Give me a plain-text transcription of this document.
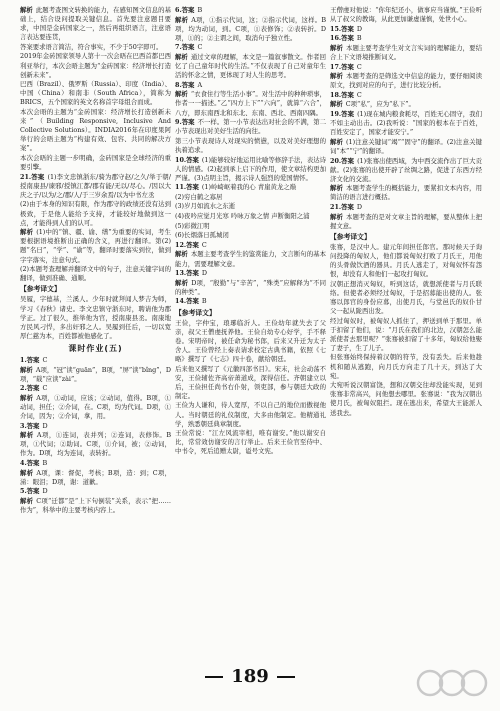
解析 此题考查图文转换的能力，在感知图文信息的基础上，结合设问提取关键信息。首先要注意题目要求，中国是金砖国家之一，然后再组织语言，注意语言表达要连贯，
答案要求语言简洁，符合事实，不少于50字即可。
2019年金砖国家领导人第十一次会晤在巴西首都巴西利亚举行，本次会晤主题为“金砖国家：经济增长打造创新未来”。
巴西（Brazil）、俄罗斯（Russia）、印度（India）、中国（China）和南非（South Africa），简称为BRICS，五个国家的英文名称首字母组合而成。
本次会晤的主题为“金砖国家：经济增长打造创新未来”（Building Responsive, Inclusive And Collective Solutions）。INDIA2016年在印度果阿举行的会晤主题为“构建有效、包容、共同的解决方案”。
本次会晤的主题一步明确，金砖国家是全球经济的重要引擎。
21.答案 (1)李文忠镇浙东/骑为郡守赵/之久/举于朝/授南康县/谏邪/授镇江都/郡有能/无以/尽心。/因以大庆之子/以为/之/郡/人/于三岁余焉/以为中书左丞
(2)由于本身的知识有限，作为郡守的政绩还没有达到极致，于是他人能给予支持，才能较好地做到这一点，才能得到人们的认可。
解析 (1)中的“镇、疆、谕、缮”为重要的实词，考生要根据语境推断出正确的含义，再进行翻译。第(2)题“名曰”，“学”、“谕”等，翻译时要落实到位，做到字字落实，注意句式。
(2)本题考查理解并翻译文中的句子，注意关键字词的翻译，做到准确、通顺。
【参考译文】
吴履，字德基，兰溪人。少年时就拜闻人梦吉为师，学习《春秋》诸史。李文忠镇守浙东时，聘请他为郡学正。过了很久，推举他为官，授南康县丞。南康地方民风刁悍，多出奸邪之人。吴履到任后，一切以宽厚仁慈为本，百姓都被他感化了。
课时作业(五)
1.答案 C
解析 A项，“冠”读“guān”，B项，“屏”读“bǐng”，D项，“载”应读“zài”。
2.答案 C
解析 A项，①动词，应该；②动词，值得。B项，①动词，担任；②介词，在。C项，均为代词。D项，①介词，因为；②介词，拿，用。
3.答案 D
解析 A项，①连词，表并列；②连词，表修饰。B项，①代词；②助词。C项，①介词，被；②动词，作为。D项，均为连词，表转折。
4.答案 B
解析 A项，课：督促，考核；B项，造：到；C项，涕：眼泪；D项，谢：道歉。
5.答案 D
解析 C项“迁都”是“上下句倒装”关系，表示“把……作为”，科举中的主要考核内容上。
6.答案 B
解析 A项，①指示代词，这；②指示代词，这样。B项，均为动词，到。C项，①表修饰；②表转折。D项，①的；②主谓之间，取消句子独立性。
7.答案 C
解析 通过文章的理解，本文是一篇叙事散文。作者回忆了自己童年时代的生活。”不仅表现了自己对童年生活的怀念之情，更体现了对人生的思考。
8.答案 A
解析 “衣食住行等生活小事”。对生活中的种种琐事，作者一一描述。”乙“四方上下”“六向”，就算“六合”，八方，即东南西北和东北、东南、西北、西南四隅。
9.答案 不一样。第一小节表达出对社会的不满，第二小节表现出对美好生活的向往。
第三小节表现诗人对现实的愤懑，以及对美好理想的执着追求。
10.答案 (1)能够较好地运用比喻等修辞手法，表达诗人的情感。(2)起到承上启下的作用，使文章结构更加严谨。(3)点明主旨，揭示诗人强烈的爱国情怀。
11.答案 (1)岭崎岖着我的心 青崖黄龙之巅
(2)穷白鹤之寡居
(3)岁月如流水之东逝
(4)夜吟应觉月光寒 吟咏万象之情 声断衡阳之浦
(5)彩微江明
(6)长烟落日孤城闭
12.答案 C
解析 本题主要考查学生的鉴赏能力，文言断句的基本能力，需要理解文意。
13.答案 D
解析 D项，“殷勤”与“辛苦”，“殊类”应解释为“不同的种类”。
14.答案 B
【参考译文】
王俭，字仲宝，琅琊临沂人。王俭幼年就失去了父亲，叔父王僧虔抚养他。王俭自幼专心好学，手不释卷。宋明帝时，被任命为秘书郎，后来又升迁为太子舍人。王俭曾经上奏表请求校定古典书籍，依照《七略》撰写了《七志》四十卷，献给朝廷。
后来他又撰写了《元徽四部书目》。宋末，社会动荡不安，王俭辅佐齐高帝萧道成，深得信任。齐朝建立以后，王俭担任尚书右仆射，领吏部，参与朝廷大政的制定。
王俭为人谦和，待人宽厚，不以自己的地位而傲视他人。当时朝廷的礼仪制度，大多由他制定。他精通礼学，熟悉朝廷典章制度。
王俭常说：“江左风流宰相，唯有谢安。”他以谢安自比，常常效仿谢安的言行举止。后来王俭官至侍中、中书令，死后追赠太尉，谥号文宪。
王僧虔对他说：“你年纪还小，做事应当谨慎。”王俭听从了叔父的教诲，从此更加谦虚谨慎，处世小心。
15.答案 D
16.答案 B
解析 本题主要考查学生对文言实词的理解能力，要结合上下文语境推断词义。
17.答案 C
解析 本题考查的是筛选文中信息的能力，要仔细阅读原文，找到对应的句子，进行比较分析。
18.答案 C
解析 C项“私”，应为“私下”。
19.答案 (1)现在城内粮食耗尽，百姓无心固守，我们不如主动出击。(2)我听说：“国家的根本在于百姓，百姓安定了，国家才能安宁。”
解析 (1)注意关键词“竭”“固守”的翻译。(2)注意关键词“本”“宁”的翻译。
20.答案 (1)张骞出使西域，为中西交流作出了巨大贡献。(2)张骞的出使开辟了丝绸之路，促进了东西方经济文化的交流。
解析 本题考查学生的概括能力，要紧扣文本内容，用简洁的语言进行概括。
21.答案 D
解析 本题考查的是对文章主旨的理解，要从整体上把握文意。
【参考译文】
张骞，是汉中人。建元年间担任郎官。那时候天子询问投降的匈奴人，他们都说匈奴打败了月氏王，用他的头骨做饮酒的器具。月氏人逃走了，对匈奴怀有怨恨，却没有人和他们一起攻打匈奴。
汉朝正想消灭匈奴，听到这话，就想派使者与月氏联络。但使者必须经过匈奴，于是招募能出使的人。张骞以郎官的身份应募，出使月氏，与堂邑氏的奴仆甘父一起从陇西出发。
经过匈奴时，被匈奴人抓住了，押送到单于那里。单于扣留了他们，说：“月氏在我们的北边，汉朝怎么能派使者去那里呢？”张骞被扣留了十多年，匈奴给他娶了妻子，生了儿子。
但张骞始终保持着汉朝的符节，没有丢失。后来他趁机和随从逃跑，向月氏方向走了几十天，到达了大宛。
大宛听说汉朝富饶，想和汉朝交往却没能实现，见到张骞非常高兴，问他想去哪里。张骞说：“我为汉朝出使月氏，被匈奴阻拦。现在逃出来，希望大王能派人送我去。
189
